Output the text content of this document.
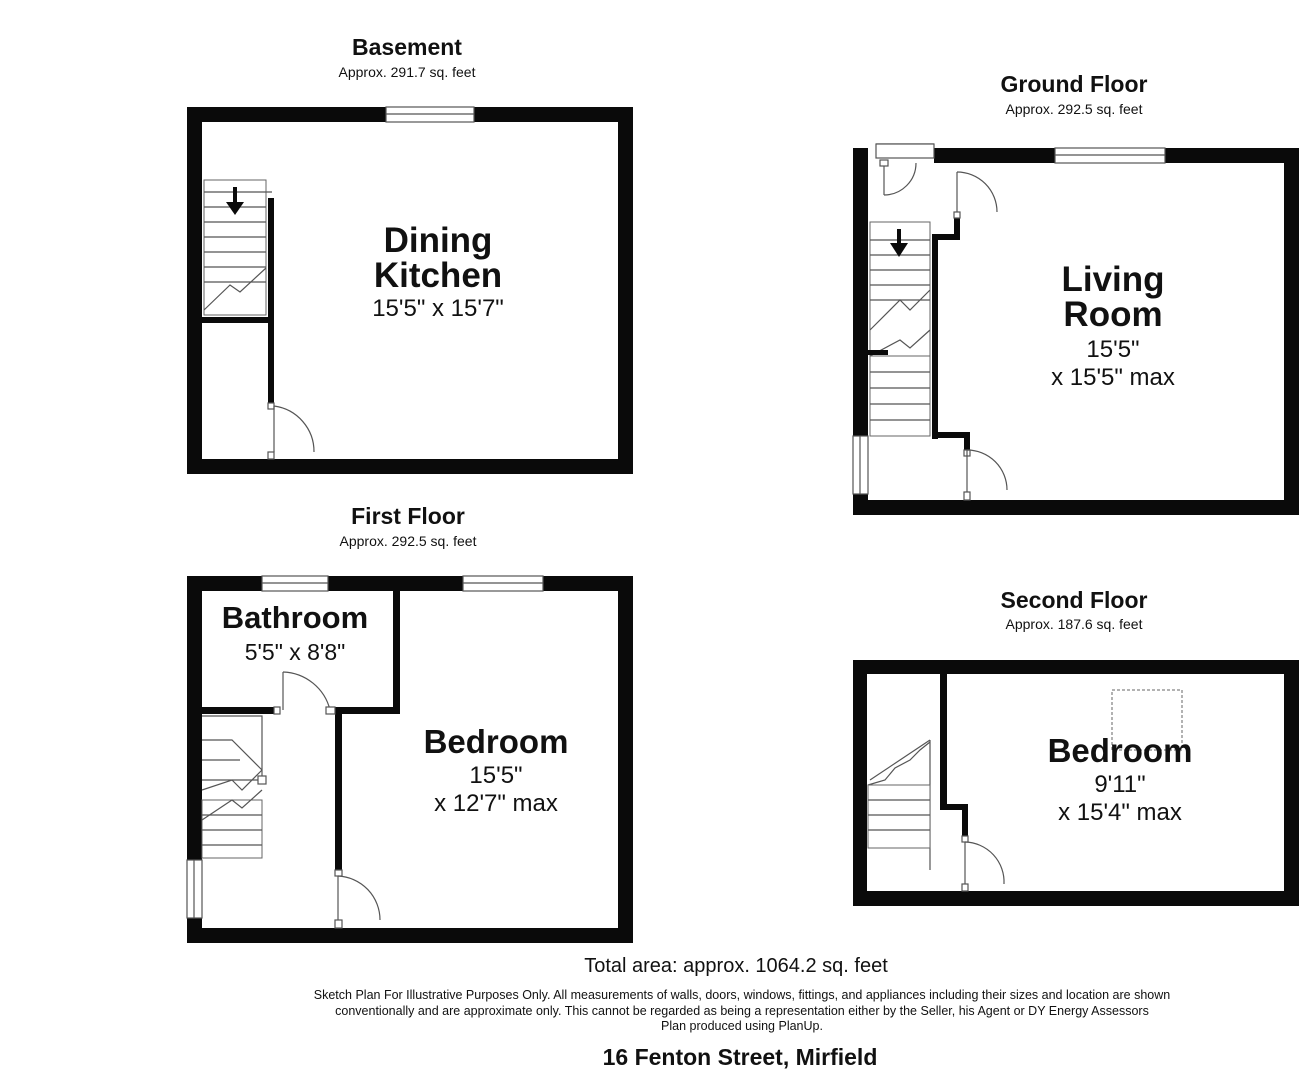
Basement
Approx. 291.7 sq. feet
Dining
Kitchen
15'5" x 15'7"
Ground Floor
Approx. 292.5 sq. feet
Living
Room
15'5"
x 15'5" max
First Floor
Approx. 292.5 sq. feet
Bathroom
5'5" x 8'8"
Bedroom
15'5"
x 12'7" max
Second Floor
Approx. 187.6 sq. feet
Bedroom
9'11"
x 15'4" max
Total area: approx. 1064.2 sq. feet
Sketch Plan For Illustrative Purposes Only. All measurements of walls, doors, windows, fittings, and appliances including their sizes and location are shown
conventionally and are approximate only. This cannot be regarded as being a representation either by the Seller, his Agent or DY Energy Assessors
Plan produced using PlanUp.
16 Fenton Street, Mirfield
